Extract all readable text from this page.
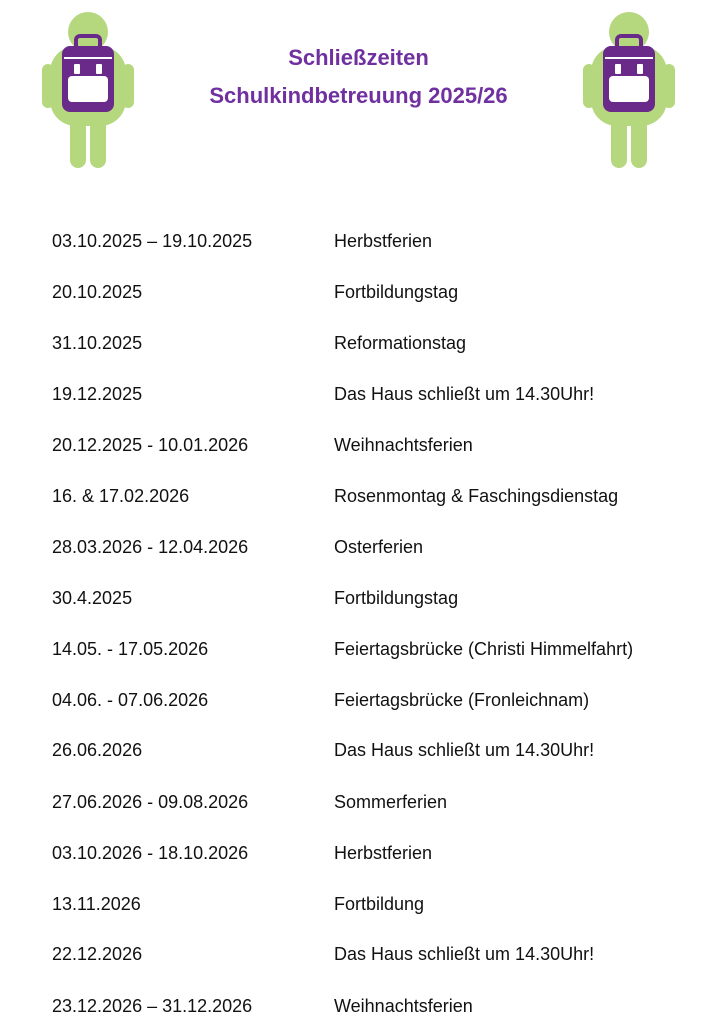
Schließzeiten
Schulkindbetreuung 2025/26
03.10.2025 – 19.10.2025	Herbstferien
20.10.2025	Fortbildungstag
31.10.2025	Reformationstag
19.12.2025	Das Haus schließt um 14.30Uhr!
20.12.2025 - 10.01.2026	Weihnachtsferien
16. & 17.02.2026	Rosenmontag & Faschingsdienstag
28.03.2026 - 12.04.2026	Osterferien
30.4.2025	Fortbildungstag
14.05. - 17.05.2026	Feiertagsbrücke (Christi Himmelfahrt)
04.06. - 07.06.2026	Feiertagsbrücke (Fronleichnam)
26.06.2026	Das Haus schließt um 14.30Uhr!
27.06.2026 - 09.08.2026	Sommerferien
03.10.2026 - 18.10.2026	Herbstferien
13.11.2026	Fortbildung
22.12.2026	Das Haus schließt um 14.30Uhr!
23.12.2026 – 31.12.2026	Weihnachtsferien
